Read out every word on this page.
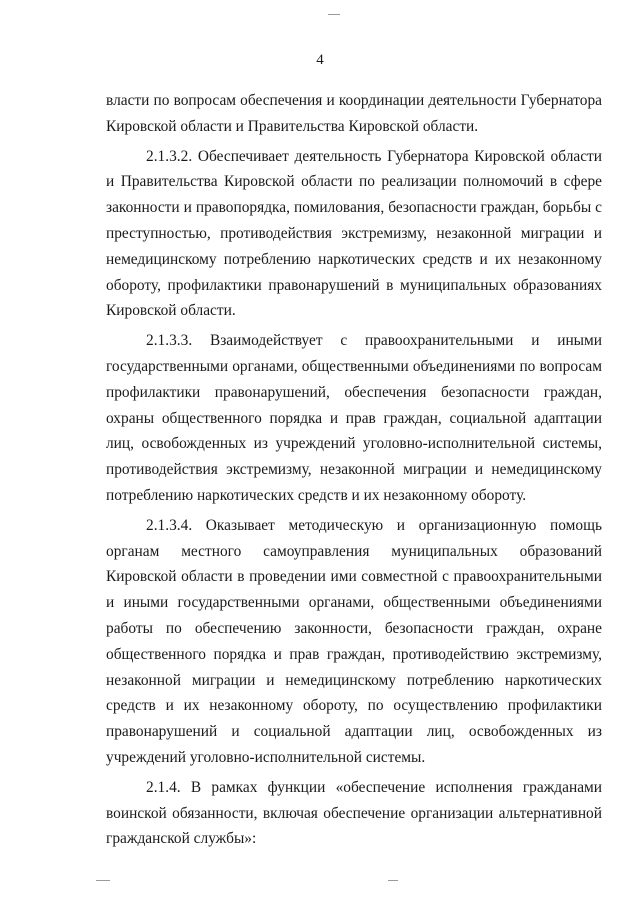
4

власти по вопросам обеспечения и координации деятельности Губернатора Кировской области и Правительства Кировской области.

2.1.3.2. Обеспечивает деятельность Губернатора Кировской области и Правительства Кировской области по реализации полномочий в сфере законности и правопорядка, помилования, безопасности граждан, борьбы с преступностью, противодействия экстремизму, незаконной миграции и немедицинскому потреблению наркотических средств и их незаконному обороту, профилактики правонарушений в муниципальных образованиях Кировской области.

2.1.3.3. Взаимодействует с правоохранительными и иными государственными органами, общественными объединениями по вопросам профилактики правонарушений, обеспечения безопасности граждан, охраны общественного порядка и прав граждан, социальной адаптации лиц, освобожденных из учреждений уголовно-исполнительной системы, противодействия экстремизму, незаконной миграции и немедицинскому потреблению наркотических средств и их незаконному обороту.

2.1.3.4. Оказывает методическую и организационную помощь органам местного самоуправления муниципальных образований Кировской области в проведении ими совместной с правоохранительными и иными государственными органами, общественными объединениями работы по обеспечению законности, безопасности граждан, охране общественного порядка и прав граждан, противодействию экстремизму, незаконной миграции и немедицинскому потреблению наркотических средств и их незаконному обороту, по осуществлению профилактики правонарушений и социальной адаптации лиц, освобожденных из учреждений уголовно-исполнительной системы.

2.1.4. В рамках функции «обеспечение исполнения гражданами воинской обязанности, включая обеспечение организации альтернативной гражданской службы»:
